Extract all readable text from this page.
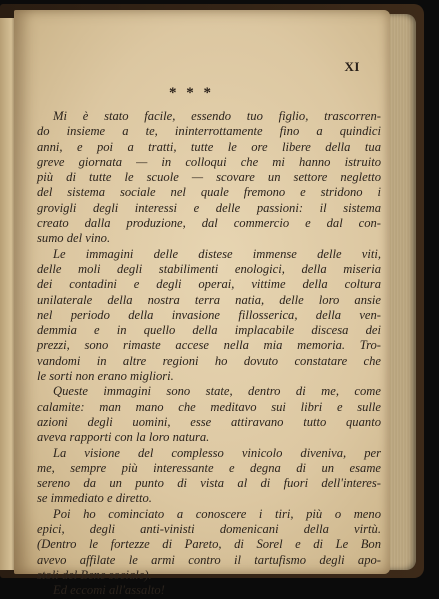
XI
* * *
Mi è stato facile, essendo tuo figlio, trascorren-
do insieme a te, ininterrottamente fino a quindici
anni, e poi a tratti, tutte le ore libere della tua
greve giornata — in colloqui che mi hanno istruito
più di tutte le scuole — scovare un settore negletto
del sistema sociale nel quale fremono e stridono i
grovigli degli interessi e delle passioni: il sistema
creato dalla produzione, dal commercio e dal con-
sumo del vino.
Le immagini delle distese immense delle viti,
delle moli degli stabilimenti enologici, della miseria
dei contadini e degli operai, vittime della coltura
unilaterale della nostra terra natia, delle loro ansie
nel periodo della invasione fillosserica, della ven-
demmia e in quello della implacabile discesa dei
prezzi, sono rimaste accese nella mia memoria. Tro-
vandomi in altre regioni ho dovuto constatare che
le sorti non erano migliori.
Queste immagini sono state, dentro di me, come
calamite: man mano che meditavo sui libri e sulle
azioni degli uomini, esse attiravano tutto quanto
aveva rapporti con la loro natura.
La visione del complesso vinicolo diveniva, per
me, sempre più interessante e degna di un esame
sereno da un punto di vista al di fuori dell'interes-
se immediato e diretto.
Poi ho cominciato a conoscere i tiri, più o meno
epici, degli anti-vinisti domenicani della virtù.
(Dentro le fortezze di Pareto, di Sorel e di Le Bon
avevo affilate le armi contro il tartufismo degli apo-
stoli del Bene sociale).
Ed eccomi all'assalto!
